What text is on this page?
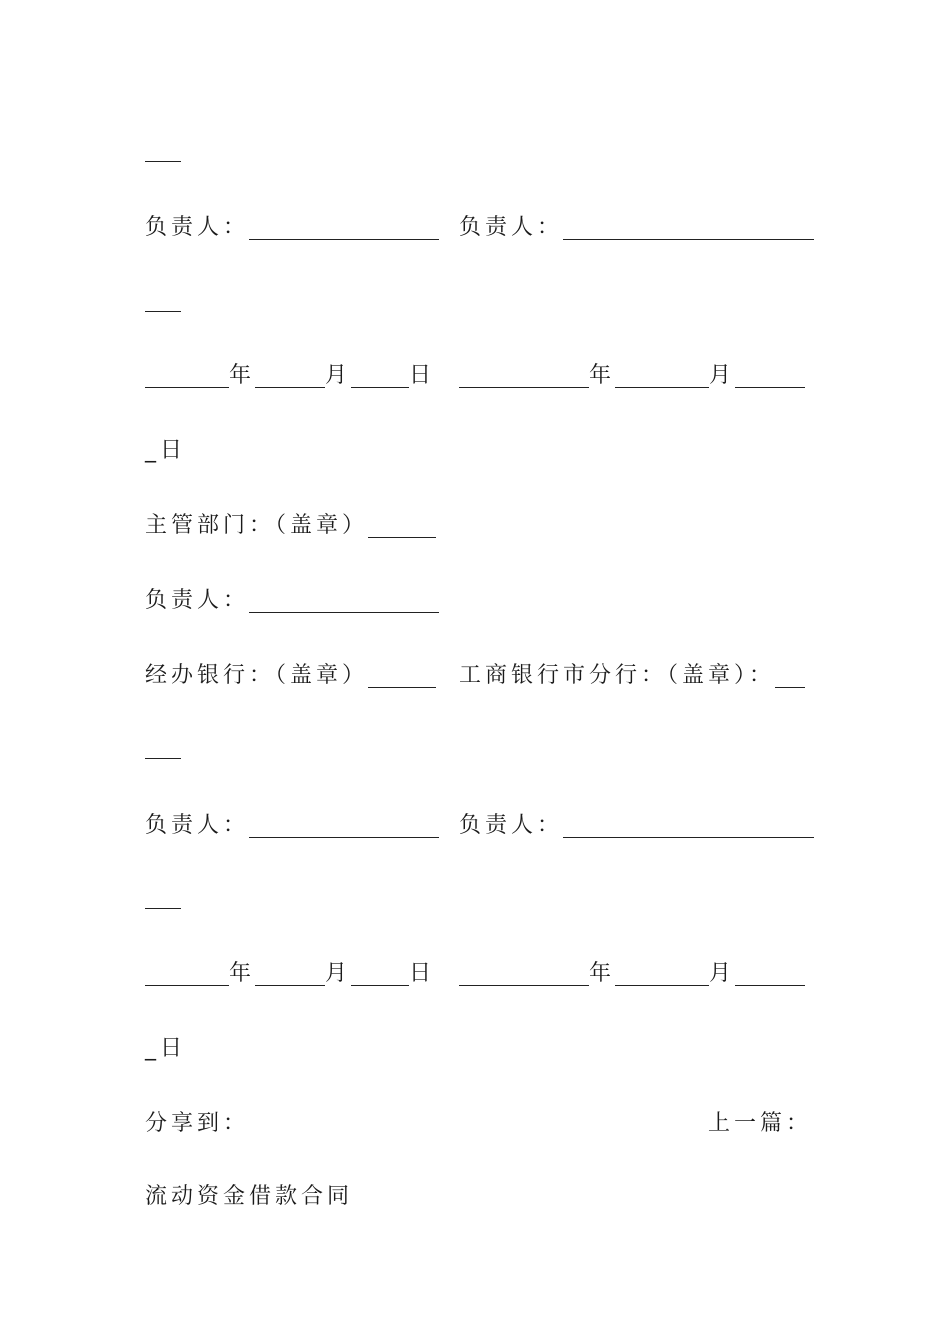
负责人：	负责人：
年	月	日	年	月
_日
主管部门：（盖章）
负责人：
经办银行：（盖章）	工商银行市分行：（盖章）：
负责人：	负责人：
年	月	日	年	月
_日
分享到：	上一篇：
流动资金借款合同
